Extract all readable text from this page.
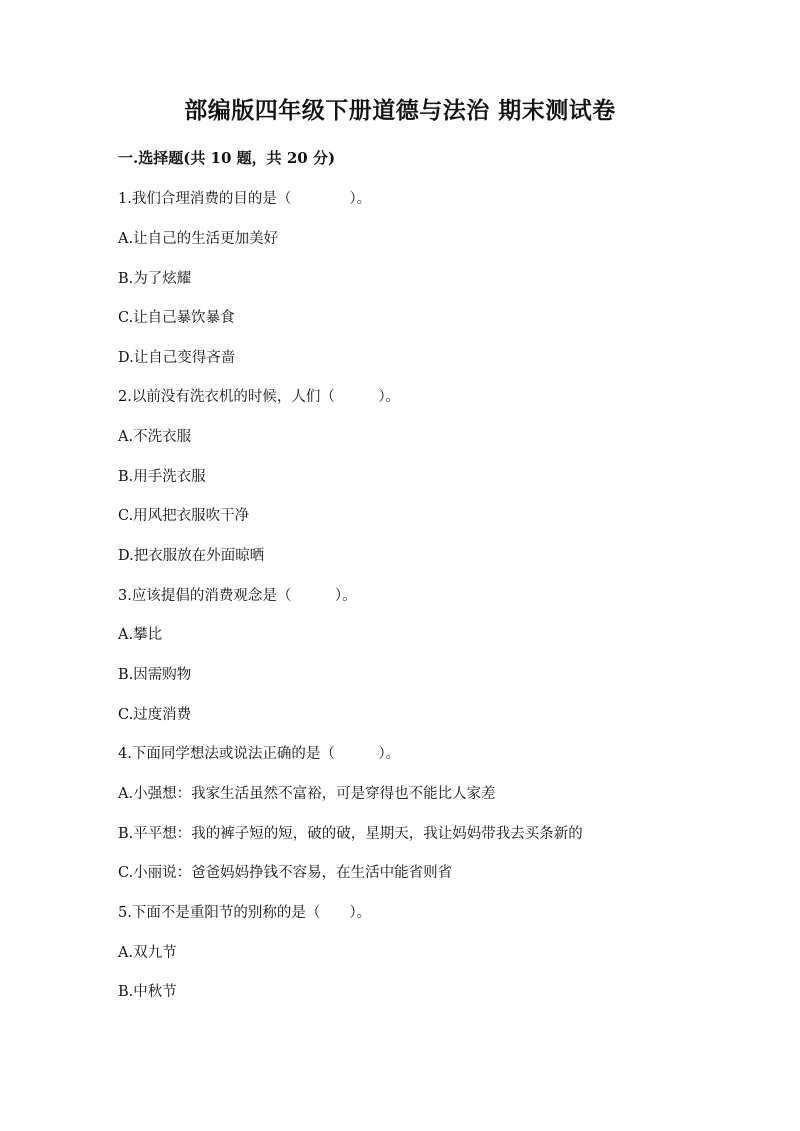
部编版四年级下册道德与法治 期末测试卷

一.选择题(共 10 题，共 20 分)

1.我们合理消费的目的是（　　　　）。

A.让自己的生活更加美好

B.为了炫耀

C.让自己暴饮暴食

D.让自己变得吝啬

2.以前没有洗衣机的时候，人们（　　　）。

A.不洗衣服

B.用手洗衣服

C.用风把衣服吹干净

D.把衣服放在外面晾晒

3.应该提倡的消费观念是（　　　）。

A.攀比

B.因需购物

C.过度消费

4.下面同学想法或说法正确的是（　　　）。

A.小强想：我家生活虽然不富裕，可是穿得也不能比人家差

B.平平想：我的裤子短的短，破的破，星期天，我让妈妈带我去买条新的

C.小丽说：爸爸妈妈挣钱不容易，在生活中能省则省

5.下面不是重阳节的别称的是（　　）。

A.双九节

B.中秋节
